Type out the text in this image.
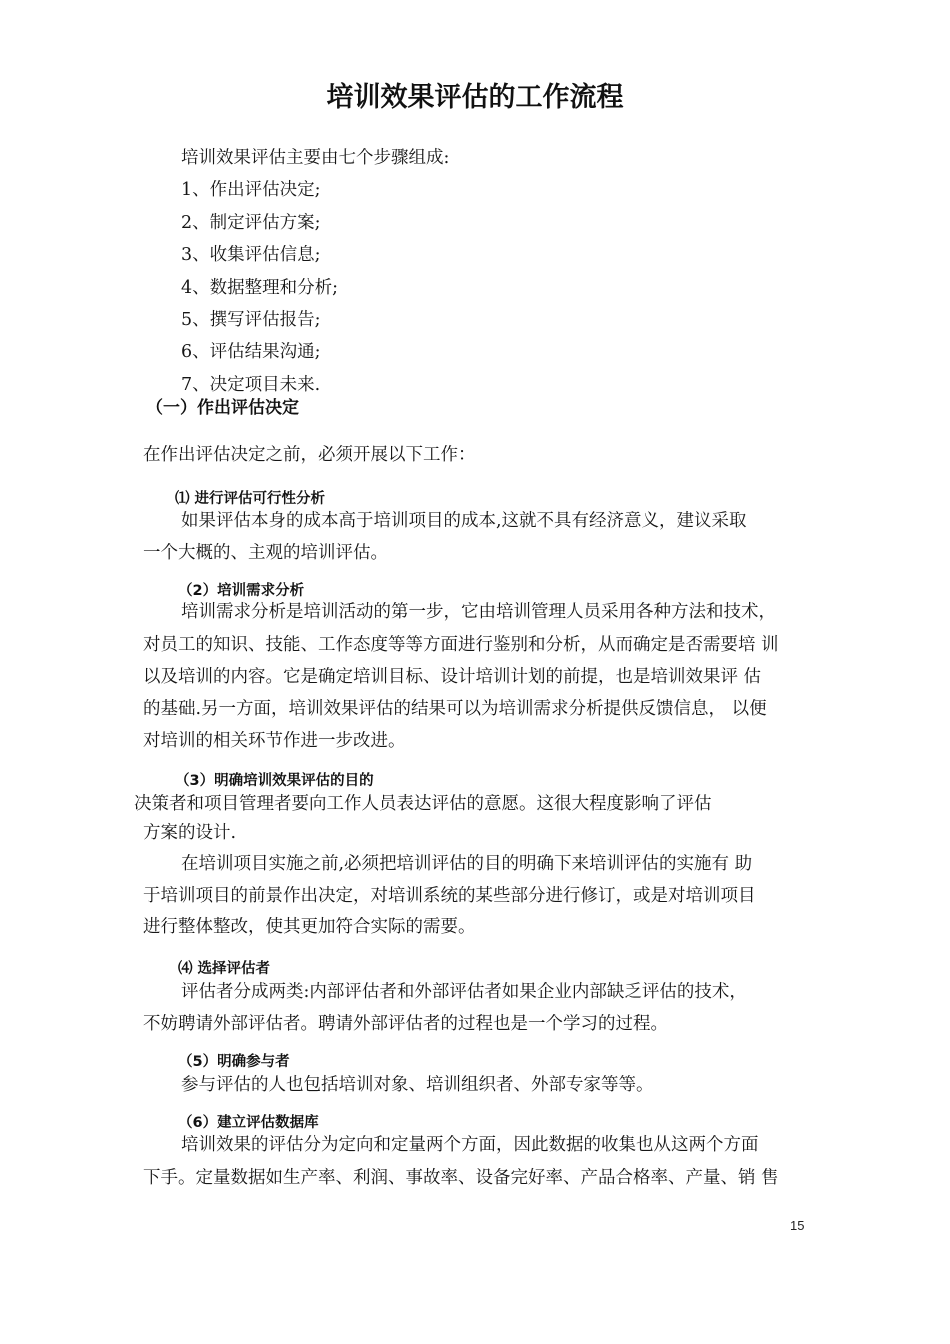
培训效果评估的工作流程
培训效果评估主要由七个步骤组成:
1、作出评估决定;
2、制定评估方案;
3、收集评估信息;
4、数据整理和分析;
5、撰写评估报告;
6、评估结果沟通;
7、决定项目未来.
（一）作出评估决定
在作出评估决定之前，必须开展以下工作：
⑴ 进行评估可行性分析
如果评估本身的成本高于培训项目的成本,这就不具有经济意义，建议采取
一个大概的、主观的培训评估。
（2）培训需求分析
培训需求分析是培训活动的第一步，它由培训管理人员采用各种方法和技术，
对员工的知识、技能、工作态度等等方面进行鉴别和分析，从而确定是否需要培 训
以及培训的内容。它是确定培训目标、设计培训计划的前提，也是培训效果评 估
的基础.另一方面，培训效果评估的结果可以为培训需求分析提供反馈信息， 以便
对培训的相关环节作进一步改进。
（3）明确培训效果评估的目的
决策者和项目管理者要向工作人员表达评估的意愿。这很大程度影响了评估
方案的设计.
在培训项目实施之前,必须把培训评估的目的明确下来培训评估的实施有 助
于培训项目的前景作出决定，对培训系统的某些部分进行修订，或是对培训项目
进行整体整改，使其更加符合实际的需要。
⑷ 选择评估者
评估者分成两类:内部评估者和外部评估者如果企业内部缺乏评估的技术，
不妨聘请外部评估者。聘请外部评估者的过程也是一个学习的过程。
（5）明确参与者
参与评估的人也包括培训对象、培训组织者、外部专家等等。
（6）建立评估数据库
培训效果的评估分为定向和定量两个方面，因此数据的收集也从这两个方面
下手。定量数据如生产率、利润、事故率、设备完好率、产品合格率、产量、销 售
15
